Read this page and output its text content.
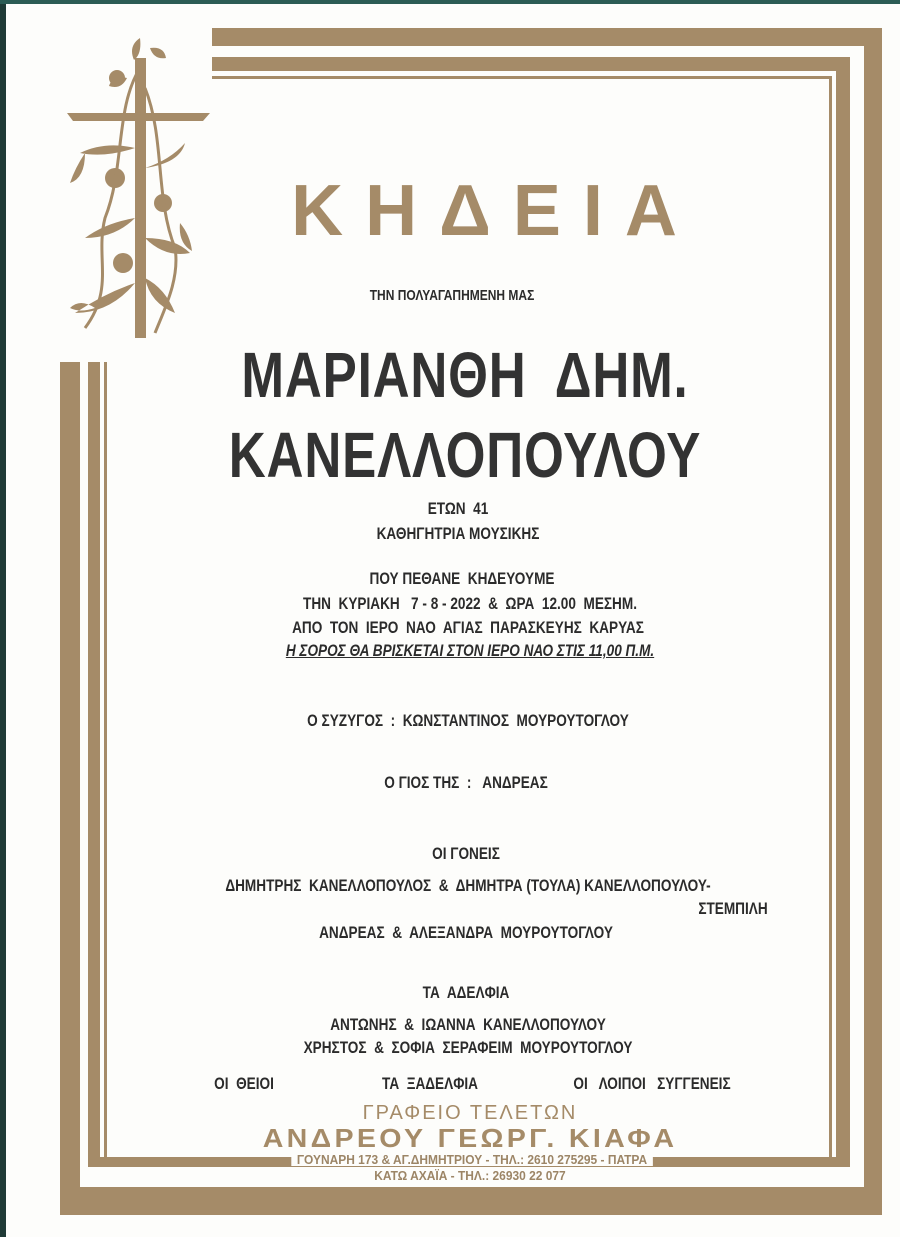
ΚΗΔΕΙΑ
ΤΗΝ ΠΟΛΥΑΓΑΠΗΜΕΝΗ ΜΑΣ
ΜΑΡΙΑΝΘΗ  ΔΗΜ.
ΚΑΝΕΛΛΟΠΟΥΛΟΥ
ΕΤΩΝ  41
ΚΑΘΗΓΗΤΡΙΑ ΜΟΥΣΙΚΗΣ
ΠΟΥ ΠΕΘΑΝΕ  ΚΗΔΕΥΟΥΜΕ
ΤΗΝ  ΚΥΡΙΑΚΗ   7 - 8 - 2022  &  ΩΡΑ  12.00  ΜΕΣΗΜ.
ΑΠΟ  ΤΟΝ  ΙΕΡΟ  ΝΑΟ  ΑΓΙΑΣ  ΠΑΡΑΣΚΕΥΗΣ  ΚΑΡΥΑΣ
Η ΣΟΡΟΣ ΘΑ ΒΡΙΣΚΕΤΑΙ ΣΤΟΝ ΙΕΡΟ ΝΑΟ ΣΤΙΣ 11,00 Π.Μ.
Ο ΣΥΖΥΓΟΣ  :  ΚΩΝΣΤΑΝΤΙΝΟΣ  ΜΟΥΡΟΥΤΟΓΛΟΥ
Ο ΓΙΟΣ ΤΗΣ  :   ΑΝΔΡΕΑΣ
ΟΙ ΓΟΝΕΙΣ
ΔΗΜΗΤΡΗΣ  ΚΑΝΕΛΛΟΠΟΥΛΟΣ  &  ΔΗΜΗΤΡΑ (ΤΟΥΛΑ) ΚΑΝΕΛΛΟΠΟΥΛΟΥ-
ΣΤΕΜΠΙΛΗ
ΑΝΔΡΕΑΣ  &  ΑΛΕΞΑΝΔΡΑ  ΜΟΥΡΟΥΤΟΓΛΟΥ
ΤΑ  ΑΔΕΛΦΙΑ
ΑΝΤΩΝΗΣ  &  ΙΩΑΝΝΑ  ΚΑΝΕΛΛΟΠΟΥΛΟΥ
ΧΡΗΣΤΟΣ  &  ΣΟΦΙΑ  ΣΕΡΑΦΕΙΜ  ΜΟΥΡΟΥΤΟΓΛΟΥ
ΟΙ  ΘΕΙΟΙ	ΤΑ  ΞΑΔΕΛΦΙΑ	ΟΙ   ΛΟΙΠΟΙ   ΣΥΓΓΕΝΕΙΣ
ΓΡΑΦΕΙΟ ΤΕΛΕΤΩΝ
ΑΝΔΡΕΟΥ ΓΕΩΡΓ. ΚΙΑΦΑ
ΓΟΥΝΑΡΗ 173 & ΑΓ.ΔΗΜΗΤΡΙΟΥ - ΤΗΛ.: 2610 275295 - ΠΑΤΡΑ
ΚΑΤΩ ΑΧΑΪΑ - ΤΗΛ.: 26930 22 077
